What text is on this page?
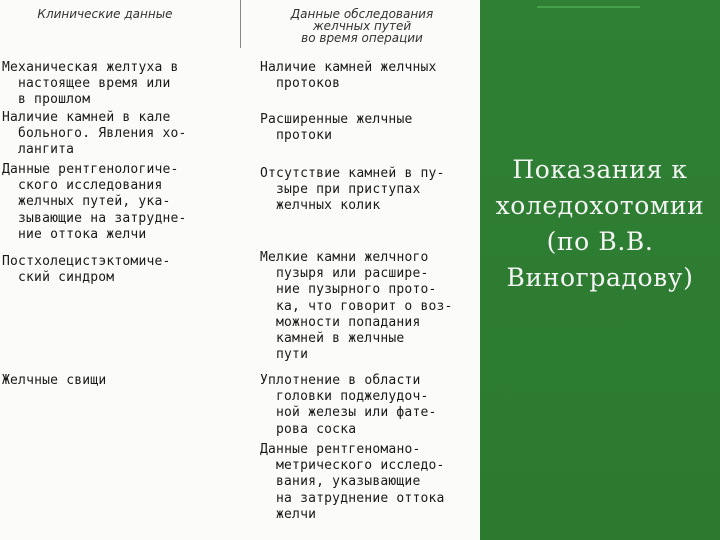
Клинические данные	Данные обследования
желчных путей
во время операции
Механическая желтуха в
настоящее время или
в прошлом
Наличие камней в кале
больного. Явления хо-
лангита
Данные рентгенологиче-
ского исследования
желчных путей, ука-
зывающие на затрудне-
ние оттока желчи
Постхолецистэктомиче-
ский синдром
Желчные свищи
Наличие камней желчных
протоков
Расширенные желчные
протоки
Отсутствие камней в пу-
зыре при приступах
желчных колик
Мелкие камни желчного
пузыря или расшире-
ние пузырного прото-
ка, что говорит о воз-
можности попадания
камней в желчные
пути
Уплотнение в области
головки поджелудоч-
ной железы или фате-
рова соска
Данные рентгеномано-
метрического исследо-
вания, указывающие
на затруднение оттока
желчи
Показания к
холедохотомии
(по В.В.
Виноградову)
